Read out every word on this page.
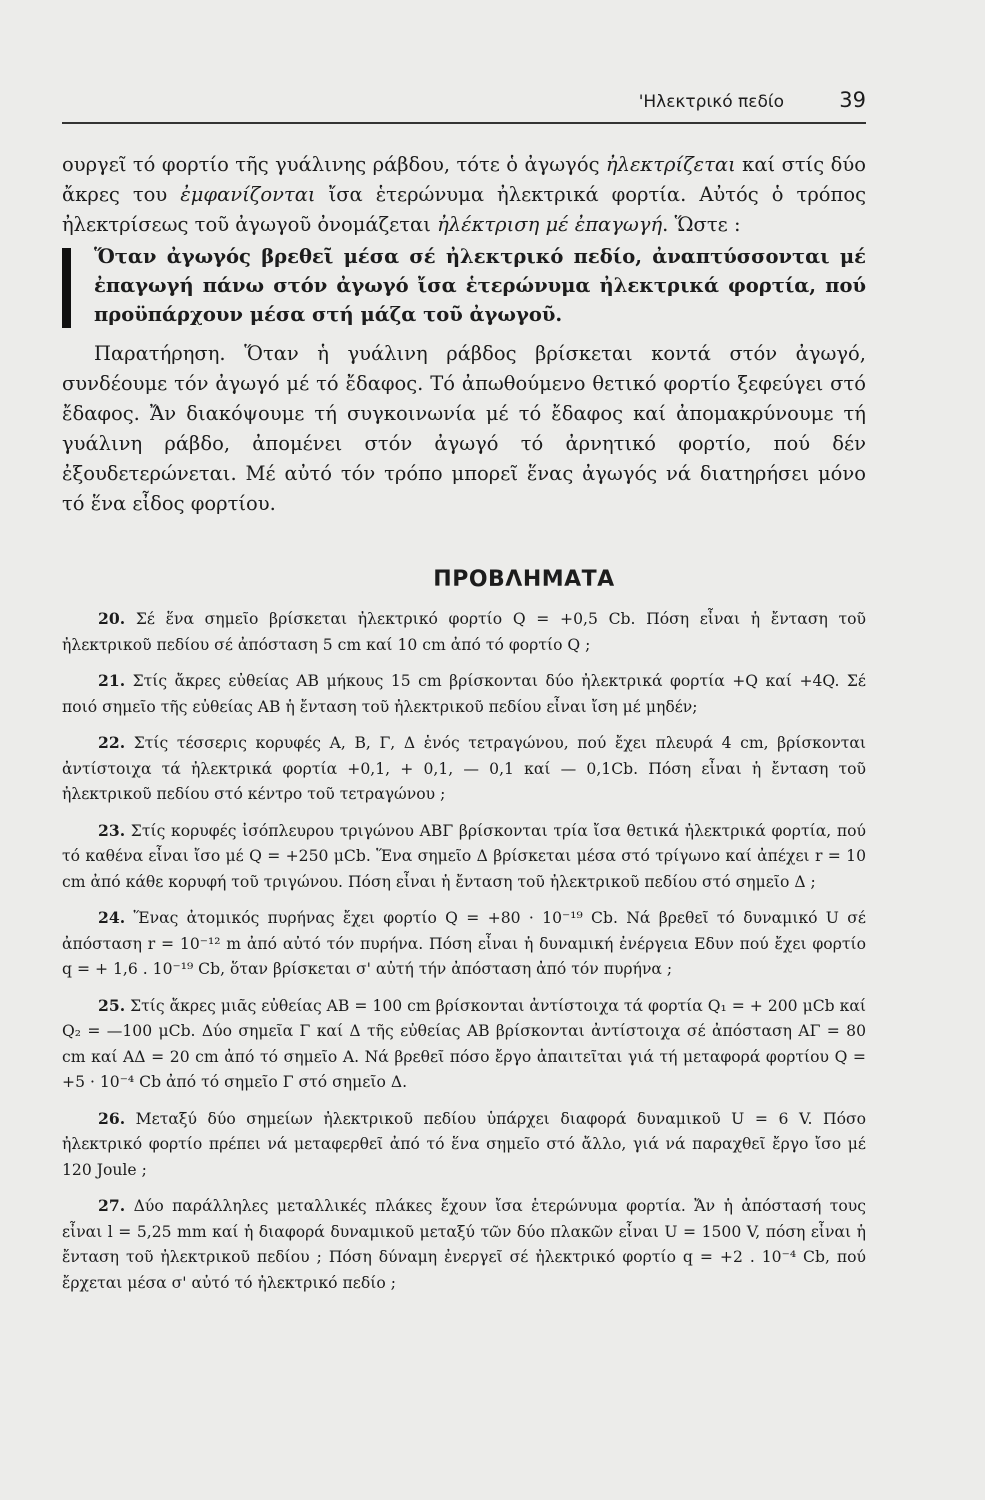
'Ηλεκτρικό πεδίο	39

ουργεῖ τό φορτίο τῆς γυάλινης ράβδου, τότε ὁ ἀγωγός ἠλεκτρίζεται καί στίς δύο ἄκρες του ἐμφανίζονται ἴσα ἑτερώνυμα ἠλεκτρικά φορτία. Αὐτός ὁ τρόπος ἠλεκτρίσεως τοῦ ἀγωγοῦ ὀνομάζεται ἠλέκτριση μέ ἐπαγωγή. Ὥστε :

Ὅταν ἀγωγός βρεθεῖ μέσα σέ ἠλεκτρικό πεδίο, ἀναπτύσσονται μέ ἐπαγωγή πάνω στόν ἀγωγό ἴσα ἑτερώνυμα ἠλεκτρικά φορτία, πού προϋπάρχουν μέσα στή μάζα τοῦ ἀγωγοῦ.

Παρατήρηση. Ὅταν ἡ γυάλινη ράβδος βρίσκεται κοντά στόν ἀγωγό, συνδέουμε τόν ἀγωγό μέ τό ἔδαφος. Τό ἀπωθούμενο θετικό φορτίο ξεφεύγει στό ἔδαφος. Ἄν διακόψουμε τή συγκοινωνία μέ τό ἔδαφος καί ἀπομακρύνουμε τή γυάλινη ράβδο, ἀπομένει στόν ἀγωγό τό ἀρνητικό φορτίο, πού δέν ἐξουδετερώνεται. Μέ αὐτό τόν τρόπο μπορεῖ ἕνας ἀγωγός νά διατηρήσει μόνο τό ἕνα εἶδος φορτίου.

ΠΡΟΒΛΗΜΑΤΑ

20. Σέ ἕνα σημεῖο βρίσκεται ἠλεκτρικό φορτίο Q = +0,5 Cb. Πόση εἶναι ἡ ἔνταση τοῦ ἠλεκτρικοῦ πεδίου σέ ἀπόσταση 5 cm καί 10 cm ἀπό τό φορτίο Q ;

21. Στίς ἄκρες εὐθείας ΑΒ μήκους 15 cm βρίσκονται δύο ἠλεκτρικά φορτία +Q καί +4Q. Σέ ποιό σημεῖο τῆς εὐθείας ΑΒ ἡ ἔνταση τοῦ ἠλεκτρικοῦ πεδίου εἶναι ἴση μέ μηδέν;

22. Στίς τέσσερις κορυφές Α, Β, Γ, Δ ἑνός τετραγώνου, πού ἔχει πλευρά 4 cm, βρίσκονται ἀντίστοιχα τά ἠλεκτρικά φορτία +0,1, + 0,1, — 0,1 καί — 0,1Cb. Πόση εἶναι ἡ ἔνταση τοῦ ἠλεκτρικοῦ πεδίου στό κέντρο τοῦ τετραγώνου ;

23. Στίς κορυφές ἰσόπλευρου τριγώνου ΑΒΓ βρίσκονται τρία ἴσα θετικά ἠλεκτρικά φορτία, πού τό καθένα εἶναι ἴσο μέ Q = +250 μCb. Ἕνα σημεῖο Δ βρίσκεται μέσα στό τρίγωνο καί ἀπέχει r = 10 cm ἀπό κάθε κορυφή τοῦ τριγώνου. Πόση εἶναι ἡ ἔνταση τοῦ ἠλεκτρικοῦ πεδίου στό σημεῖο Δ ;

24. Ἕνας ἀτομικός πυρήνας ἔχει φορτίο Q = +80 · 10⁻¹⁹ Cb. Νά βρεθεῖ τό δυναμικό U σέ ἀπόσταση r = 10⁻¹² m ἀπό αὐτό τόν πυρήνα. Πόση εἶναι ἡ δυναμική ἐνέργεια Eδυν πού ἔχει φορτίο q = + 1,6 . 10⁻¹⁹ Cb, ὅταν βρίσκεται σ' αὐτή τήν ἀπόσταση ἀπό τόν πυρήνα ;

25. Στίς ἄκρες μιᾶς εὐθείας ΑΒ = 100 cm βρίσκονται ἀντίστοιχα τά φορτία Q₁ = + 200 μCb καί Q₂ = —100 μCb. Δύο σημεῖα Γ καί Δ τῆς εὐθείας ΑΒ βρίσκονται ἀντίστοιχα σέ ἀπόσταση ΑΓ = 80 cm καί ΑΔ = 20 cm ἀπό τό σημεῖο Α. Νά βρεθεῖ πόσο ἔργο ἀπαιτεῖται γιά τή μεταφορά φορτίου Q = +5 · 10⁻⁴ Cb ἀπό τό σημεῖο Γ στό σημεῖο Δ.

26. Μεταξύ δύο σημείων ἠλεκτρικοῦ πεδίου ὑπάρχει διαφορά δυναμικοῦ U = 6 V. Πόσο ἠλεκτρικό φορτίο πρέπει νά μεταφερθεῖ ἀπό τό ἕνα σημεῖο στό ἄλλο, γιά νά παραχθεῖ ἔργο ἴσο μέ 120 Joule ;

27. Δύο παράλληλες μεταλλικές πλάκες ἔχουν ἴσα ἑτερώνυμα φορτία. Ἄν ἡ ἀπόστασή τους εἶναι l = 5,25 mm καί ἡ διαφορά δυναμικοῦ μεταξύ τῶν δύο πλακῶν εἶναι U = 1500 V, πόση εἶναι ἡ ἔνταση τοῦ ἠλεκτρικοῦ πεδίου ; Πόση δύναμη ἐνεργεῖ σέ ἠλεκτρικό φορτίο q = +2 . 10⁻⁴ Cb, πού ἔρχεται μέσα σ' αὐτό τό ἠλεκτρικό πεδίο ;
